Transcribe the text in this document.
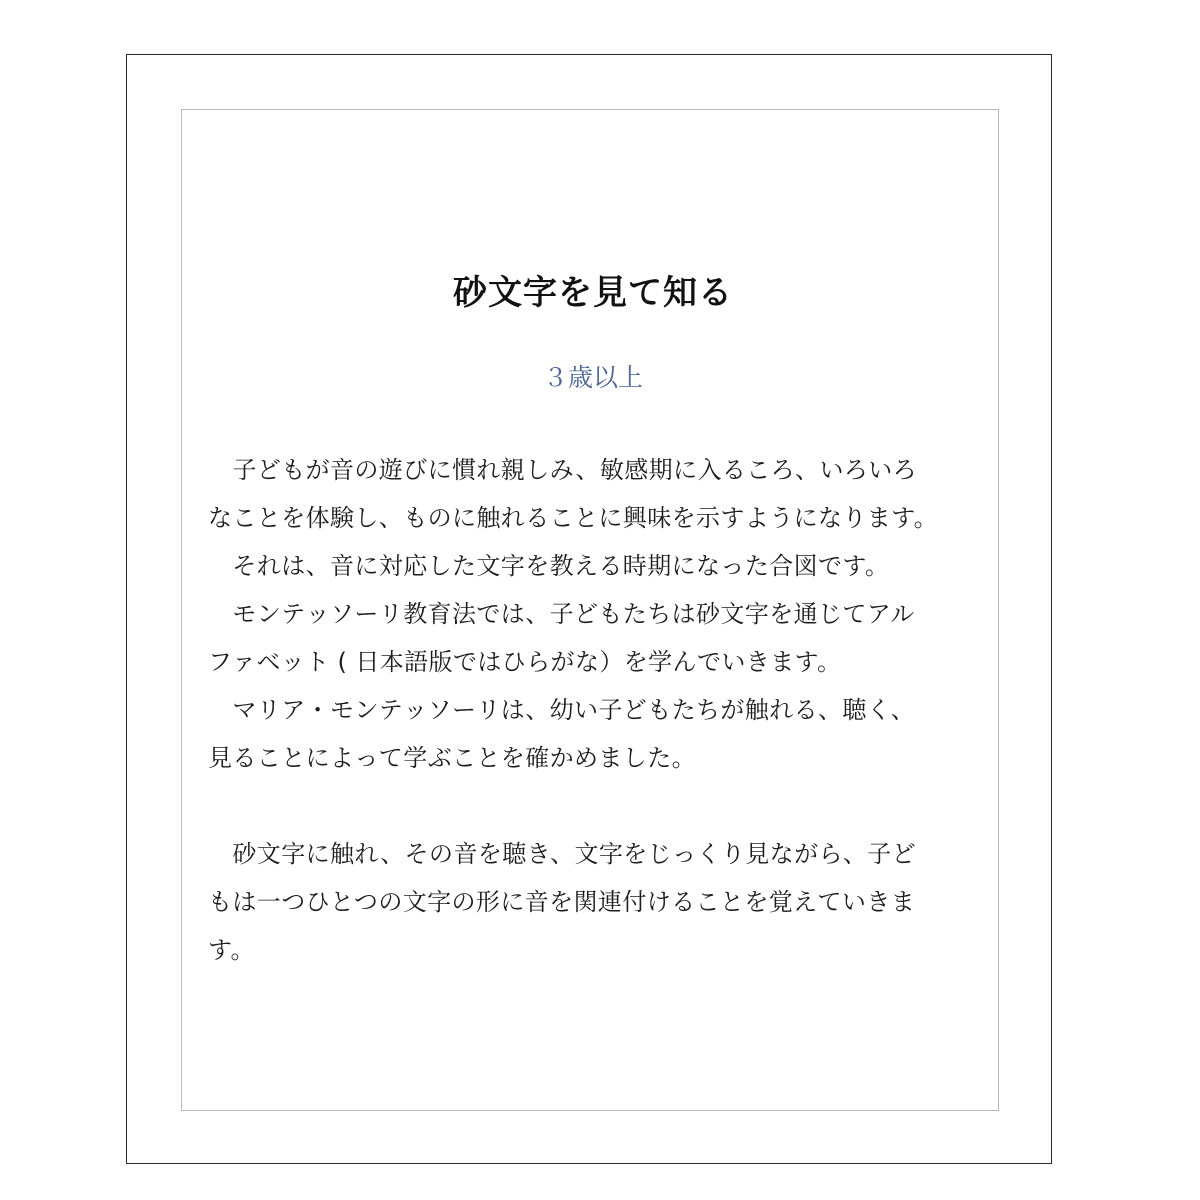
砂文字を見て知る
３歳以上

　子どもが音の遊びに慣れ親しみ、敏感期に入るころ、いろいろ
なことを体験し、ものに触れることに興味を示すようになります。

　それは、音に対応した文字を教える時期になった合図です。

　モンテッソーリ教育法では、子どもたちは砂文字を通じてアル
ファベット ( 日本語版ではひらがな）を学んでいきます。

　マリア・モンテッソーリは、幼い子どもたちが触れる、聴く、
見ることによって学ぶことを確かめました。

　砂文字に触れ、その音を聴き、文字をじっくり見ながら、子ど
もは一つひとつの文字の形に音を関連付けることを覚えていきま
す。
